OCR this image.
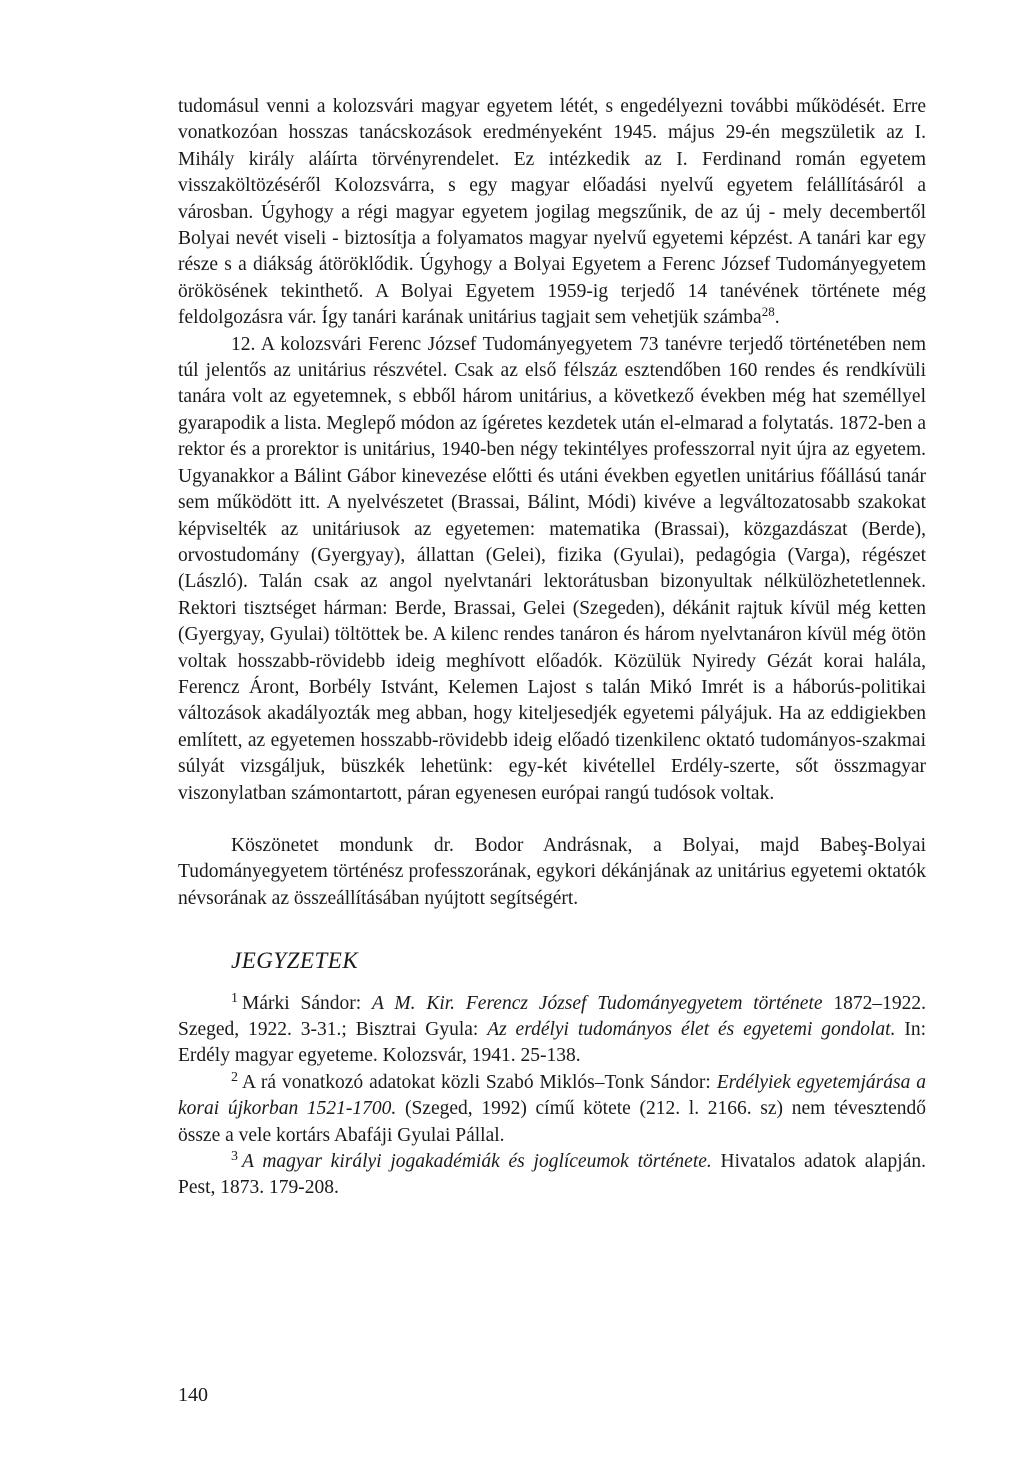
tudomásul venni a kolozsvári magyar egyetem létét, s engedélyezni további működését. Erre vonatkozóan hosszas tanácskozások eredményeként 1945. május 29-én megszületik az I. Mihály király aláírta törvényrendelet. Ez intézkedik az I. Ferdinand román egyetem visszaköltözéséről Kolozsvárra, s egy magyar előadási nyelvű egyetem felállításáról a városban. Úgyhogy a régi magyar egyetem jogilag megszűnik, de az új - mely decembertől Bolyai nevét viseli - biztosítja a folyamatos magyar nyelvű egyetemi képzést. A tanári kar egy része s a diákság átöröklődik. Úgyhogy a Bolyai Egyetem a Ferenc József Tudományegyetem örökösének tekinthető. A Bolyai Egyetem 1959-ig terjedő 14 tanévének története még feldolgozásra vár. Így tanári karának unitárius tagjait sem vehetjük számba$^{28}$.

12. A kolozsvári Ferenc József Tudományegyetem 73 tanévre terjedő történetében nem túl jelentős az unitárius részvétel. Csak az első félszáz esztendőben 160 rendes és rendkívüli tanára volt az egyetemnek, s ebből három unitárius, a következő években még hat személlyel gyarapodik a lista. Meglepő módon az ígéretes kezdetek után el-elmarad a folytatás. 1872-ben a rektor és a prorektor is unitárius, 1940-ben négy tekintélyes professzorral nyit újra az egyetem. Ugyanakkor a Bálint Gábor kinevezése előtti és utáni években egyetlen unitárius főállású tanár sem működött itt. A nyelvészetet (Brassai, Bálint, Módi) kivéve a legváltozatosabb szakokat képviselték az unitáriusok az egyetemen: matematika (Brassai), közgazdászat (Berde), orvostudomány (Gyergyay), állattan (Gelei), fizika (Gyulai), pedagógia (Varga), régészet (László). Talán csak az angol nyelvtanári lektorátusban bizonyultak nélkülözhetetlennek. Rektori tisztséget hárman: Berde, Brassai, Gelei (Szegeden), dékánit rajtuk kívül még ketten (Gyergyay, Gyulai) töltöttek be. A kilenc rendes tanáron és három nyelvtanáron kívül még ötön voltak hosszabb-rövidebb ideig meghívott előadók. Közülük Nyiredy Gézát korai halála, Ferencz Áront, Borbély Istvánt, Kelemen Lajost s talán Mikó Imrét is a háborús-politikai változások akadályozták meg abban, hogy kiteljesedjék egyetemi pályájuk. Ha az eddigiekben említett, az egyetemen hosszabb-rövidebb ideig előadó tizenkilenc oktató tudományos-szakmai súlyát vizsgáljuk, büszkék lehetünk: egy-két kivétellel Erdély-szerte, sőt összmagyar viszonylatban számontartott, páran egyenesen európai rangú tudósok voltak.

Köszönetet mondunk dr. Bodor Andrásnak, a Bolyai, majd Babeş-Bolyai Tudományegyetem történész professzorának, egykori dékánjának az unitárius egyetemi oktatók névsorának az összeállításában nyújtott segítségért.

JEGYZETEK

$^1$ Márki Sándor: A M. Kir. Ferencz József Tudományegyetem története 1872–1922. Szeged, 1922. 3-31.; Bisztrai Gyula: Az erdélyi tudományos élet és egyetemi gondolat. In: Erdély magyar egyeteme. Kolozsvár, 1941. 25-138.

$^2$ A rá vonatkozó adatokat közli Szabó Miklós–Tonk Sándor: Erdélyiek egyetemjárása a korai újkorban 1521-1700. (Szeged, 1992) című kötete (212. l. 2166. sz) nem tévesztendő össze a vele kortárs Abafáji Gyulai Pállal.

$^3$ A magyar királyi jogakadémiák és joglíceumok története. Hivatalos adatok alapján. Pest, 1873. 179-208.

140
